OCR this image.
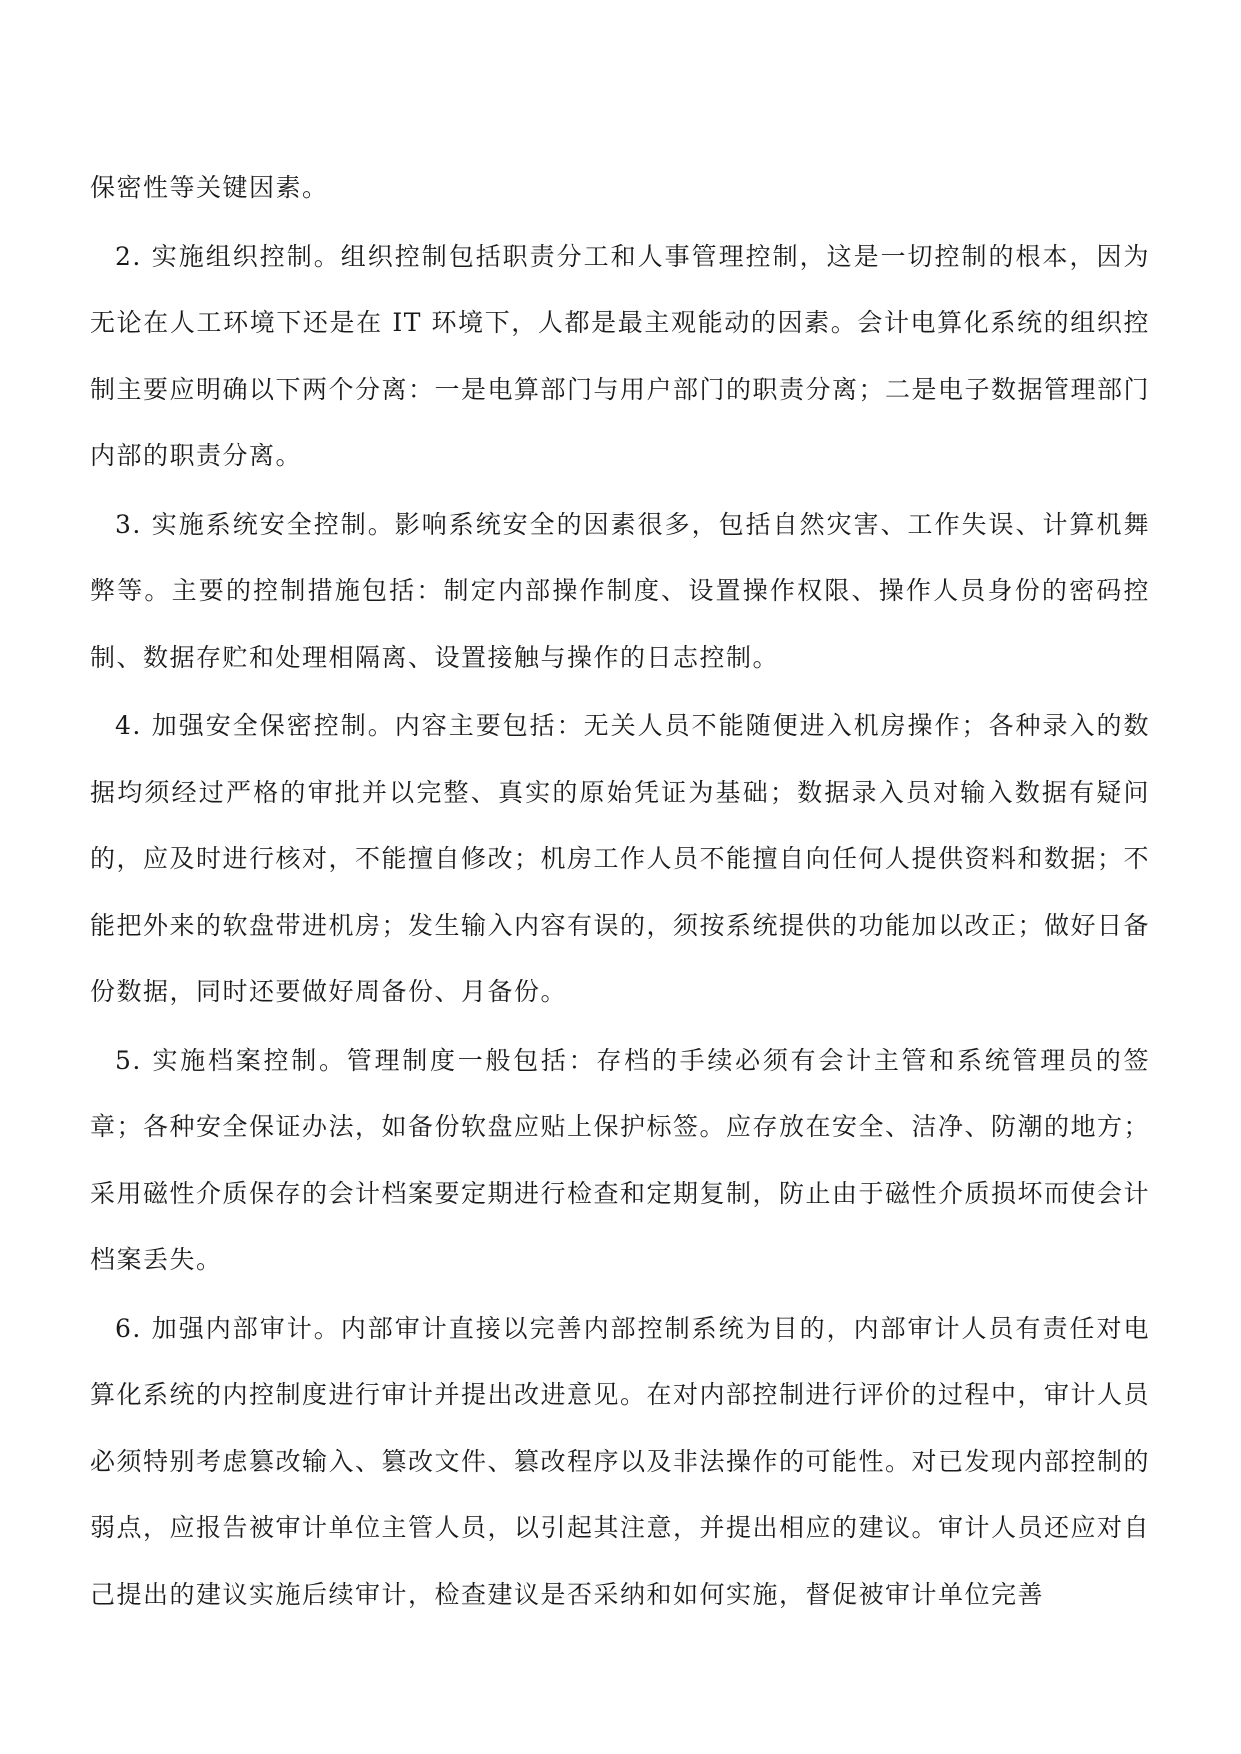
保密性等关键因素。

2. 实施组织控制。组织控制包括职责分工和人事管理控制，这是一切控制的根本，因为无论在人工环境下还是在 IT 环境下，人都是最主观能动的因素。会计电算化系统的组织控制主要应明确以下两个分离：一是电算部门与用户部门的职责分离；二是电子数据管理部门内部的职责分离。

3. 实施系统安全控制。影响系统安全的因素很多，包括自然灾害、工作失误、计算机舞弊等。主要的控制措施包括：制定内部操作制度、设置操作权限、操作人员身份的密码控制、数据存贮和处理相隔离、设置接触与操作的日志控制。

4. 加强安全保密控制。内容主要包括：无关人员不能随便进入机房操作；各种录入的数据均须经过严格的审批并以完整、真实的原始凭证为基础；数据录入员对输入数据有疑问的，应及时进行核对，不能擅自修改；机房工作人员不能擅自向任何人提供资料和数据；不能把外来的软盘带进机房；发生输入内容有误的，须按系统提供的功能加以改正；做好日备份数据，同时还要做好周备份、月备份。

5. 实施档案控制。管理制度一般包括：存档的手续必须有会计主管和系统管理员的签章；各种安全保证办法，如备份软盘应贴上保护标签。应存放在安全、洁净、防潮的地方；采用磁性介质保存的会计档案要定期进行检查和定期复制，防止由于磁性介质损坏而使会计档案丢失。

6. 加强内部审计。内部审计直接以完善内部控制系统为目的，内部审计人员有责任对电算化系统的内控制度进行审计并提出改进意见。在对内部控制进行评价的过程中，审计人员必须特别考虑篡改输入、篡改文件、篡改程序以及非法操作的可能性。对已发现内部控制的弱点，应报告被审计单位主管人员，以引起其注意，并提出相应的建议。审计人员还应对自己提出的建议实施后续审计，检查建议是否采纳和如何实施，督促被审计单位完善
